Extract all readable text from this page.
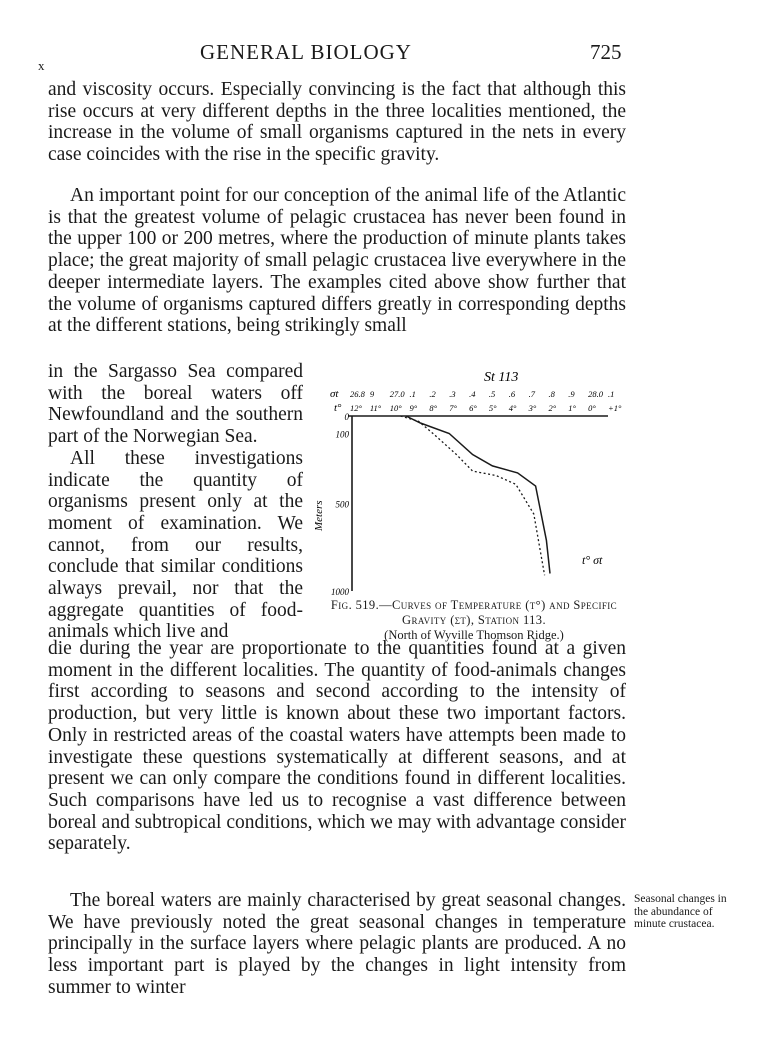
x
GENERAL BIOLOGY	725

and viscosity occurs. Especially convincing is the fact that although this rise occurs at very different depths in the three localities mentioned, the increase in the volume of small organisms captured in the nets in every case coincides with the rise in the specific gravity.

An important point for our conception of the animal life of the Atlantic is that the greatest volume of pelagic crustacea has never been found in the upper 100 or 200 metres, where the production of minute plants takes place; the great majority of small pelagic crustacea live everywhere in the deeper intermediate layers. The examples cited above show further that the volume of organisms captured differs greatly in corresponding depths at the different stations, being strikingly small

in the Sargasso Sea compared with the boreal waters off Newfoundland and the southern part of the Norwegian Sea.

All these investigations indicate the quantity of organisms present only at the moment of examination. We cannot, from our results, conclude that similar conditions always prevail, nor that the aggregate quantities of food-animals which live and

St 113
σt
t°
26.8 9 27.0 .1 .2 .3 .4 .5 .6 .7 .8 .9 28.0 .1
12° 11° 10° 9° 8° 7° 6° 5° 4° 3° 2° 1° 0° +1°
0
100
500
1000
Meters
t° σt
Fig. 519.—Curves of Temperature (t°) and Specific Gravity (σt), Station 113.
(North of Wyville Thomson Ridge.)

die during the year are proportionate to the quantities found at a given moment in the different localities. The quantity of food-animals changes first according to seasons and second according to the intensity of production, but very little is known about these two important factors. Only in restricted areas of the coastal waters have attempts been made to investigate these questions systematically at different seasons, and at present we can only compare the conditions found in different localities. Such comparisons have led us to recognise a vast difference between boreal and subtropical conditions, which we may with advantage consider separately.

The boreal waters are mainly characterised by great seasonal changes. We have previously noted the great seasonal changes in temperature principally in the surface layers where pelagic plants are produced. A no less important part is played by the changes in light intensity from summer to winter

Seasonal changes in the abundance of minute crustacea.
